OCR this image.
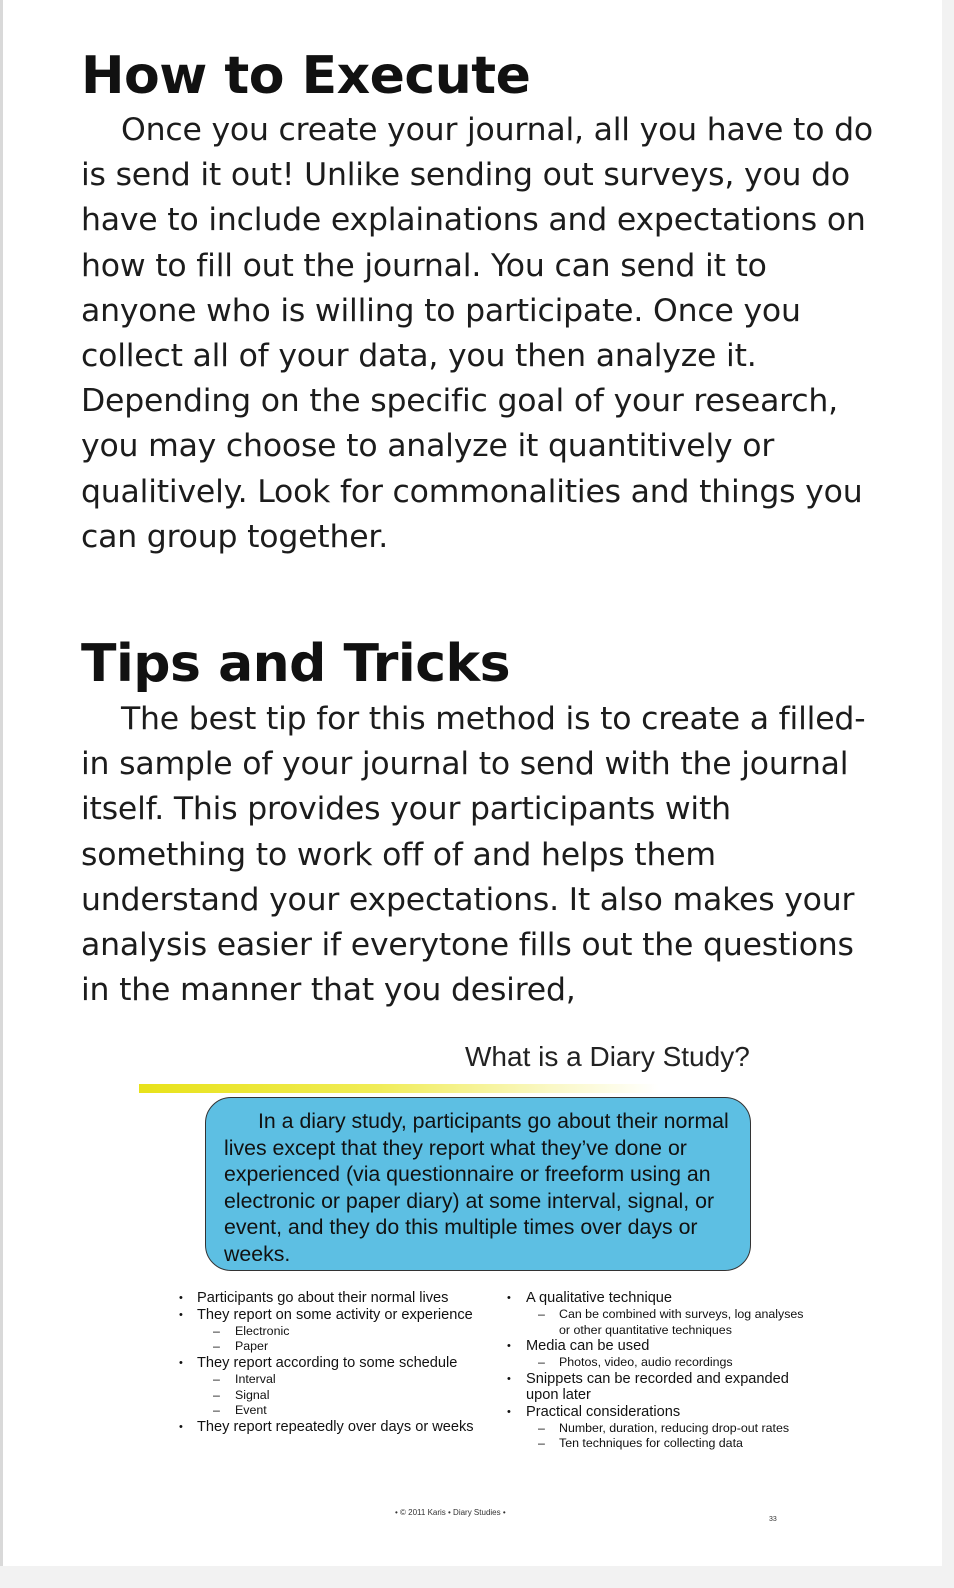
How to Execute

Once you create your journal, all you have to do is send it out! Unlike sending out surveys, you do have to include explainations and expectations on how to fill out the journal. You can send it to anyone who is willing to participate. Once you collect all of your data, you then analyze it. Depending on the specific goal of your research, you may choose to analyze it quantitively or qualitively. Look for commonalities and things you can group together.

Tips and Tricks

The best tip for this method is to create a filled-in sample of your journal to send with the journal itself. This provides your participants with something to work off of and helps them understand your expectations. It also makes your analysis easier if everytone fills out the questions in the manner that you desired,

What is a Diary Study?

In a diary study, participants go about their normal lives except that they report what they’ve done or experienced (via questionnaire or freeform using an electronic or paper diary) at some interval, signal, or event, and they do this multiple times over days or weeks.

• Participants go about their normal lives
• They report on some activity or experience
– Electronic
– Paper
• They report according to some schedule
– Interval
– Signal
– Event
• They report repeatedly over days or weeks
• A qualitative technique
– Can be combined with surveys, log analyses or other quantitative techniques
• Media can be used
– Photos, video, audio recordings
• Snippets can be recorded and expanded upon later
• Practical considerations
– Number, duration, reducing drop-out rates
– Ten techniques for collecting data
• © 2011 Karis • Diary Studies •
33
